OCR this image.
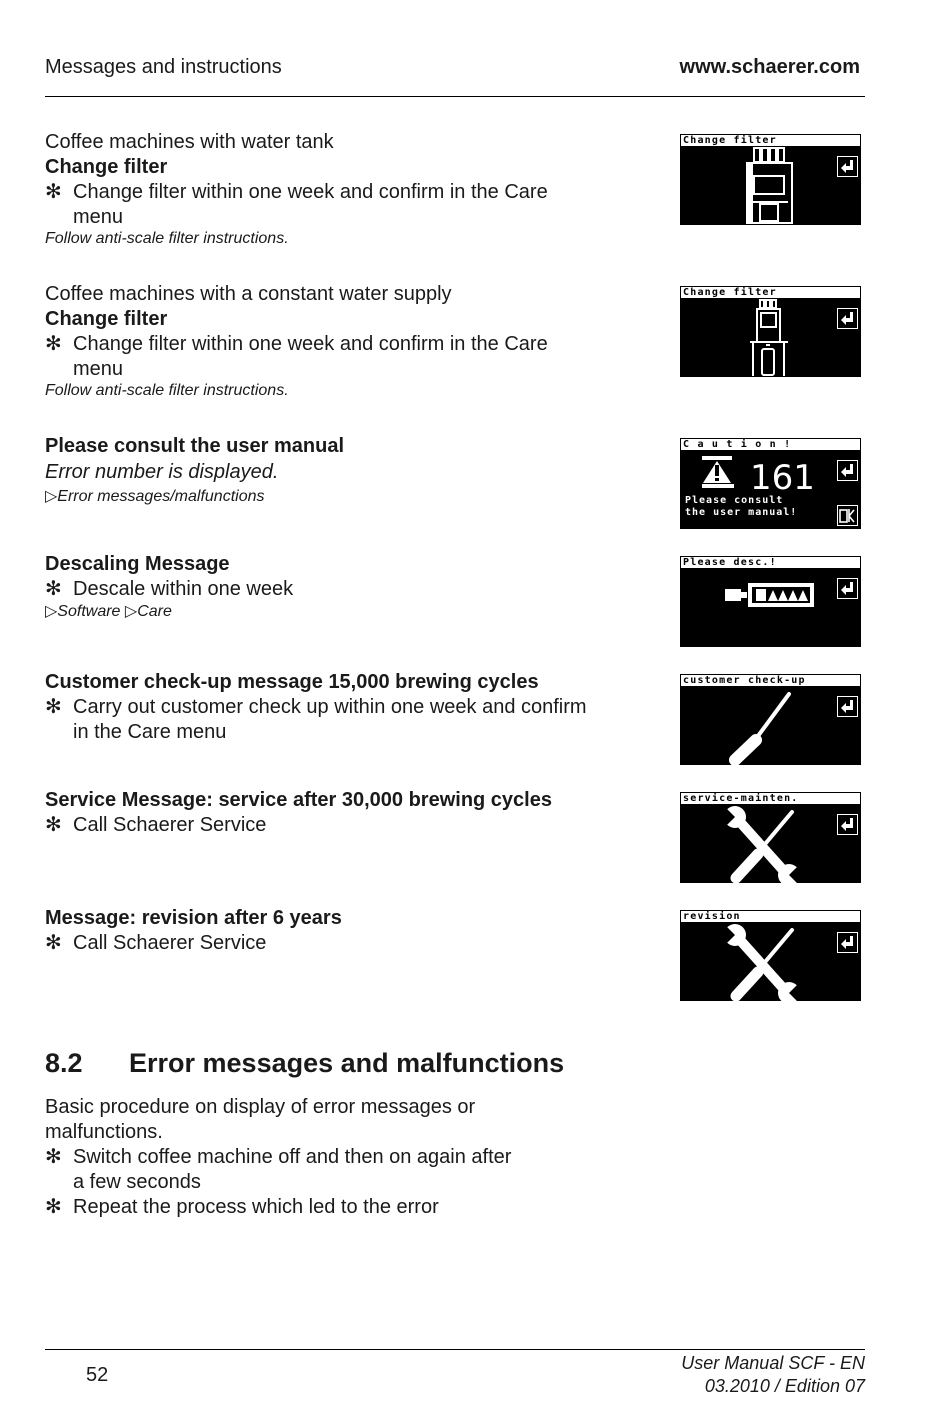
Messages and instructions	www.schaerer.com
Coffee machines with water tank
Change filter
✻ Change filter within one week and confirm in the Care
menu
Follow anti-scale filter instructions.
Coffee machines with a constant water supply
Change filter
✻ Change filter within one week and confirm in the Care
menu
Follow anti-scale filter instructions.
Please consult the user manual
Error number is displayed.
▷Error messages/malfunctions
Descaling Message
✻ Descale within one week
▷Software ▷Care
Customer check-up message 15,000 brewing cycles
✻ Carry out customer check up within one week and confirm
in the Care menu
Service Message: service after 30,000 brewing cycles
✻ Call Schaerer Service
Message: revision after 6 years
✻ Call Schaerer Service
Change filter
Change filter
C a u t i o n !
161
Please consult
the user manual!
Please desc.!
customer check-up
service-mainten.
revision
8.2 Error messages and malfunctions
Basic procedure on display of error messages or
malfunctions.
✻ Switch coffee machine off and then on again after
a few seconds
✻ Repeat the process which led to the error
52
User Manual SCF - EN
03.2010 / Edition 07
